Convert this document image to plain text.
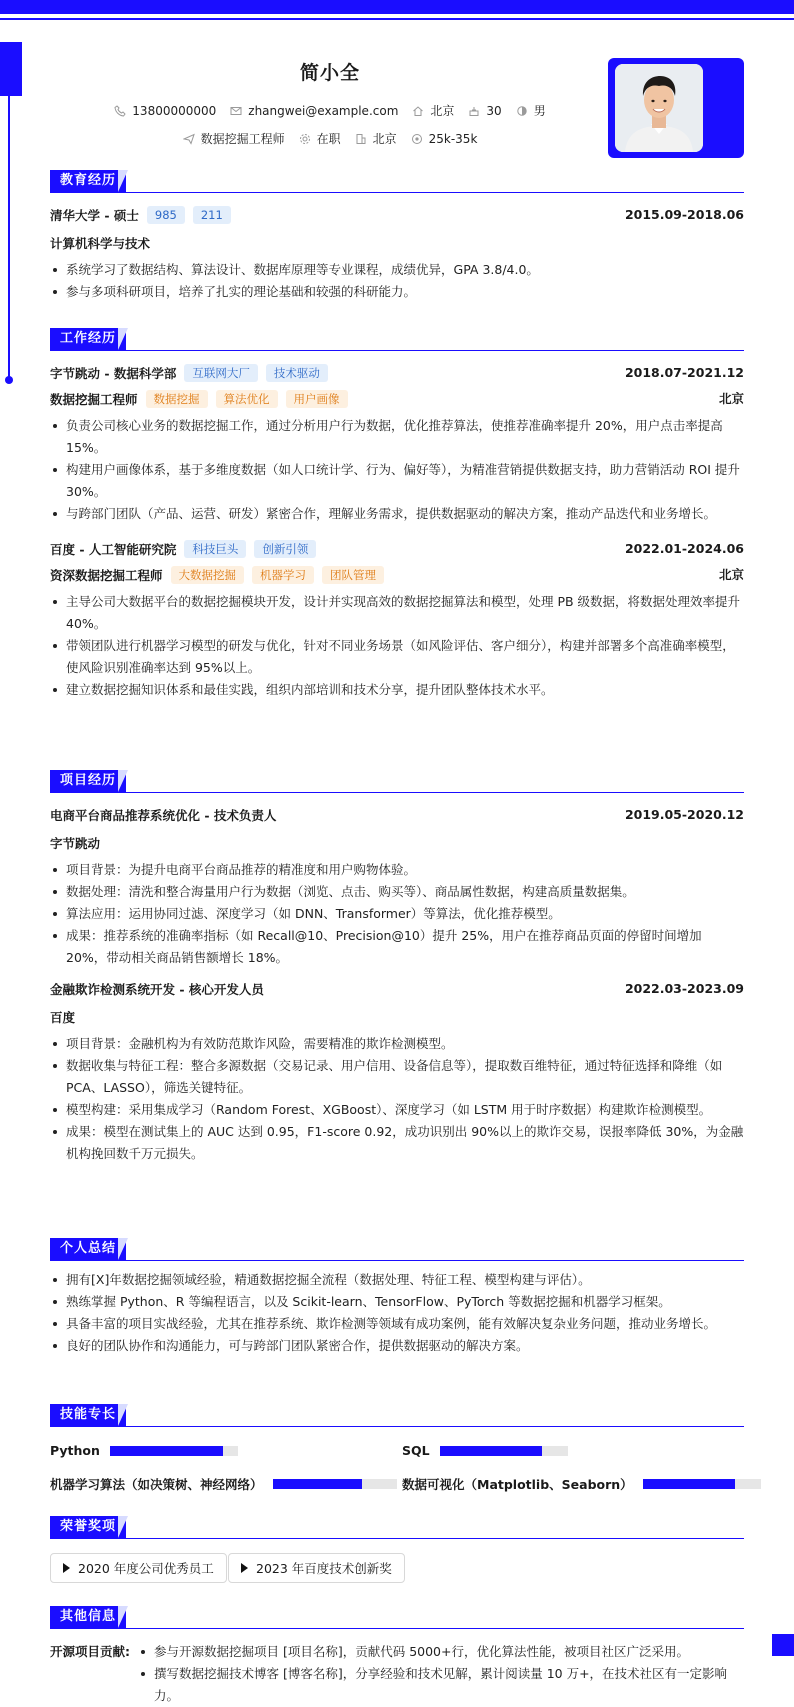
简小全
13800000000	zhangwei@example.com	北京	30	男
数据挖掘工程师	在职	北京	25k-35k
教育经历
清华大学 - 硕士	985	211	2015.09-2018.06
计算机科学与技术
系统学习了数据结构、算法设计、数据库原理等专业课程，成绩优异，GPA 3.8/4.0。
参与多项科研项目，培养了扎实的理论基础和较强的科研能力。
工作经历
字节跳动 - 数据科学部	互联网大厂	技术驱动	2018.07-2021.12
数据挖掘工程师	数据挖掘	算法优化	用户画像	北京
负责公司核心业务的数据挖掘工作，通过分析用户行为数据，优化推荐算法，使推荐准确率提升 20%，用户点击率提高 15%。
构建用户画像体系，基于多维度数据（如人口统计学、行为、偏好等），为精准营销提供数据支持，助力营销活动 ROI 提升 30%。
与跨部门团队（产品、运营、研发）紧密合作，理解业务需求，提供数据驱动的解决方案，推动产品迭代和业务增长。
百度 - 人工智能研究院	科技巨头	创新引领	2022.01-2024.06
资深数据挖掘工程师	大数据挖掘	机器学习	团队管理	北京
主导公司大数据平台的数据挖掘模块开发，设计并实现高效的数据挖掘算法和模型，处理 PB 级数据，将数据处理效率提升 40%。
带领团队进行机器学习模型的研发与优化，针对不同业务场景（如风险评估、客户细分），构建并部署多个高准确率模型，使风险识别准确率达到 95%以上。
建立数据挖掘知识体系和最佳实践，组织内部培训和技术分享，提升团队整体技术水平。
项目经历
电商平台商品推荐系统优化 - 技术负责人	2019.05-2020.12
字节跳动
项目背景：为提升电商平台商品推荐的精准度和用户购物体验。
数据处理：清洗和整合海量用户行为数据（浏览、点击、购买等）、商品属性数据，构建高质量数据集。
算法应用：运用协同过滤、深度学习（如 DNN、Transformer）等算法，优化推荐模型。
成果：推荐系统的准确率指标（如 Recall@10、Precision@10）提升 25%，用户在推荐商品页面的停留时间增加 20%，带动相关商品销售额增长 18%。
金融欺诈检测系统开发 - 核心开发人员	2022.03-2023.09
百度
项目背景：金融机构为有效防范欺诈风险，需要精准的欺诈检测模型。
数据收集与特征工程：整合多源数据（交易记录、用户信用、设备信息等），提取数百维特征，通过特征选择和降维（如 PCA、LASSO），筛选关键特征。
模型构建：采用集成学习（Random Forest、XGBoost）、深度学习（如 LSTM 用于时序数据）构建欺诈检测模型。
成果：模型在测试集上的 AUC 达到 0.95，F1-score 0.92，成功识别出 90%以上的欺诈交易，误报率降低 30%，为金融机构挽回数千万元损失。
个人总结
拥有[X]年数据挖掘领域经验，精通数据挖掘全流程（数据处理、特征工程、模型构建与评估）。
熟练掌握 Python、R 等编程语言，以及 Scikit-learn、TensorFlow、PyTorch 等数据挖掘和机器学习框架。
具备丰富的项目实战经验，尤其在推荐系统、欺诈检测等领域有成功案例，能有效解决复杂业务问题，推动业务增长。
良好的团队协作和沟通能力，可与跨部门团队紧密合作，提供数据驱动的解决方案。
技能专长
Python	SQL
机器学习算法（如决策树、神经网络）	数据可视化（Matplotlib、Seaborn）
荣誉奖项
2020 年度公司优秀员工	2023 年百度技术创新奖
其他信息
开源项目贡献:	参与开源数据挖掘项目 [项目名称]，贡献代码 5000+行，优化算法性能，被项目社区广泛采用。
撰写数据挖掘技术博客 [博客名称]，分享经验和技术见解，累计阅读量 10 万+，在技术社区有一定影响力。
